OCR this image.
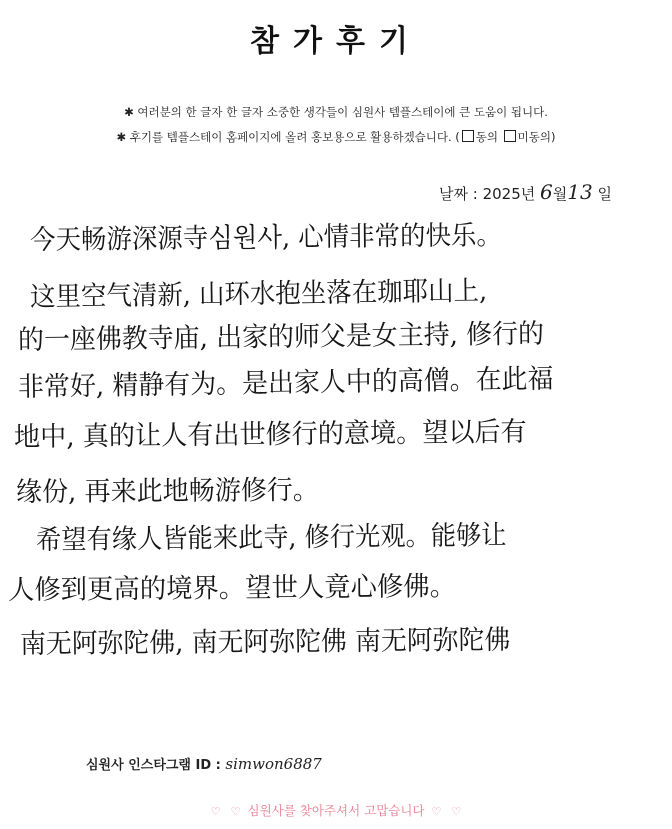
참가후기
✱ 여러분의 한 글자 한 글자 소중한 생각들이 심원사 템플스테이에 큰 도움이 됩니다.
✱ 후기를 템플스테이 홈페이지에 올려 홍보용으로 활용하겠습니다. ( 동의 미동의)
날짜 : 2025년 6월13 일
今天畅游深源寺심원사, 心情非常的快乐。
这里空气清新, 山环水抱坐落在珈耶山上,
的一座佛教寺庙, 出家的师父是女主持, 修行的
非常好, 精静有为。是出家人中的高僧。在此福
地中, 真的让人有出世修行的意境。望以后有
缘份, 再来此地畅游修行。
希望有缘人皆能来此寺, 修行光观。能够让
人修到更高的境界。望世人竟心修佛。
南无阿弥陀佛, 南无阿弥陀佛 南无阿弥陀佛
심원사 인스타그램 ID : simwon6887
♡ ♡ 심원사를 찾아주셔서 고맙습니다 ♡ ♡
